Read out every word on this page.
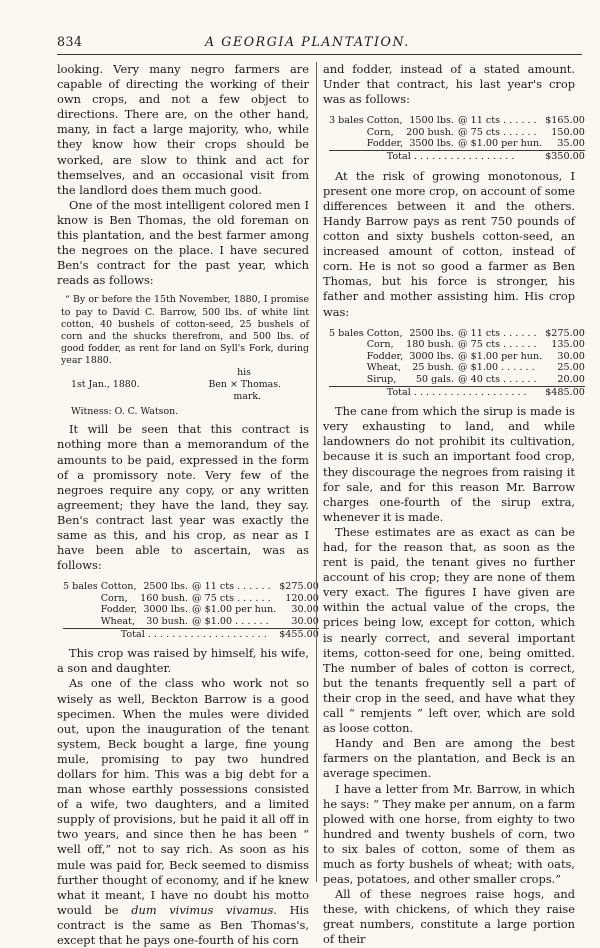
834	A GEORGIA PLANTATION.

looking. Very many negro farmers are capable of directing the working of their own crops, and not a few object to directions. There are, on the other hand, many, in fact a large majority, who, while they know how their crops should be worked, are slow to think and act for themselves, and an occasional visit from the landlord does them much good.

One of the most intelligent colored men I know is Ben Thomas, the old foreman on this plantation, and the best farmer among the negroes on the place. I have secured Ben's contract for the past year, which reads as follows:

“ By or before the 15th November, 1880, I promise to pay to David C. Barrow, 500 lbs. of white lint cotton, 40 bushels of cotton-seed, 25 bushels of corn and the shucks therefrom, and 500 lbs. of good fodder, as rent for land on Syll's Fork, during year 1880.
his
1st Jan., 1880.	Ben × Thomas.
mark.
Witness: O. C. Watson.

It will be seen that this contract is nothing more than a memorandum of the amounts to be paid, expressed in the form of a promissory note. Very few of the negroes require any copy, or any written agreement; they have the land, they say. Ben's contract last year was exactly the same as this, and his crop, as near as I have been able to ascertain, was as follows:

5 bales	Cotton,	2500 lbs.	@ 11 cts . . . . . .	$275.00
	Corn,	160 bush.	@ 75 cts . . . . . .	120.00
	Fodder,	3000 lbs.	@ $1.00 per hun.	30.00
	Wheat,	30 bush.	@ $1.00 . . . . . .	30.00
	Total . . . . . . . . . . . . . . . . . . . .			$455.00

This crop was raised by himself, his wife, a son and daughter.

As one of the class who work not so wisely as well, Beckton Barrow is a good specimen. When the mules were divided out, upon the inauguration of the tenant system, Beck bought a large, fine young mule, promising to pay two hundred dollars for him. This was a big debt for a man whose earthly possessions consisted of a wife, two daughters, and a limited supply of provisions, but he paid it all off in two years, and since then he has been “ well off,” not to say rich. As soon as his mule was paid for, Beck seemed to dismiss further thought of economy, and if he knew what it meant, I have no doubt his motto would be dum vivimus vivamus. His contract is the same as Ben Thomas's, except that he pays one-fourth of his corn

and fodder, instead of a stated amount. Under that contract, his last year's crop was as follows:

3 bales	Cotton,	1500 lbs.	@ 11 cts . . . . . .	$165.00
	Corn,	200 bush.	@ 75 cts . . . . . .	150.00
	Fodder,	3500 lbs.	@ $1.00 per hun.	35.00
	Total . . . . . . . . . . . . . . . . .			$350.00

At the risk of growing monotonous, I present one more crop, on account of some differences between it and the others. Handy Barrow pays as rent 750 pounds of cotton and sixty bushels cotton-seed, an increased amount of cotton, instead of corn. He is not so good a farmer as Ben Thomas, but his force is stronger, his father and mother assisting him. His crop was:

5 bales	Cotton,	2500 lbs.	@ 11 cts . . . . . .	$275.00
	Corn,	180 bush.	@ 75 cts . . . . . .	135.00
	Fodder,	3000 lbs.	@ $1.00 per hun.	30.00
	Wheat,	25 bush.	@ $1.00 . . . . . .	25.00
	Sirup,	50 gals.	@ 40 cts . . . . . .	20.00
	Total . . . . . . . . . . . . . . . . . . .			$485.00

The cane from which the sirup is made is very exhausting to land, and while landowners do not prohibit its cultivation, because it is such an important food crop, they discourage the negroes from raising it for sale, and for this reason Mr. Barrow charges one-fourth of the sirup extra, whenever it is made.

These estimates are as exact as can be had, for the reason that, as soon as the rent is paid, the tenant gives no further account of his crop; they are none of them very exact. The figures I have given are within the actual value of the crops, the prices being low, except for cotton, which is nearly correct, and several important items, cotton-seed for one, being omitted. The number of bales of cotton is correct, but the tenants frequently sell a part of their crop in the seed, and have what they call “ remjents ” left over, which are sold as loose cotton.

Handy and Ben are among the best farmers on the plantation, and Beck is an average specimen.

I have a letter from Mr. Barrow, in which he says: “ They make per annum, on a farm plowed with one horse, from eighty to two hundred and twenty bushels of corn, two to six bales of cotton, some of them as much as forty bushels of wheat; with oats, peas, potatoes, and other smaller crops.”

All of these negroes raise hogs, and these, with chickens, of which they raise great numbers, constitute a large portion of their
